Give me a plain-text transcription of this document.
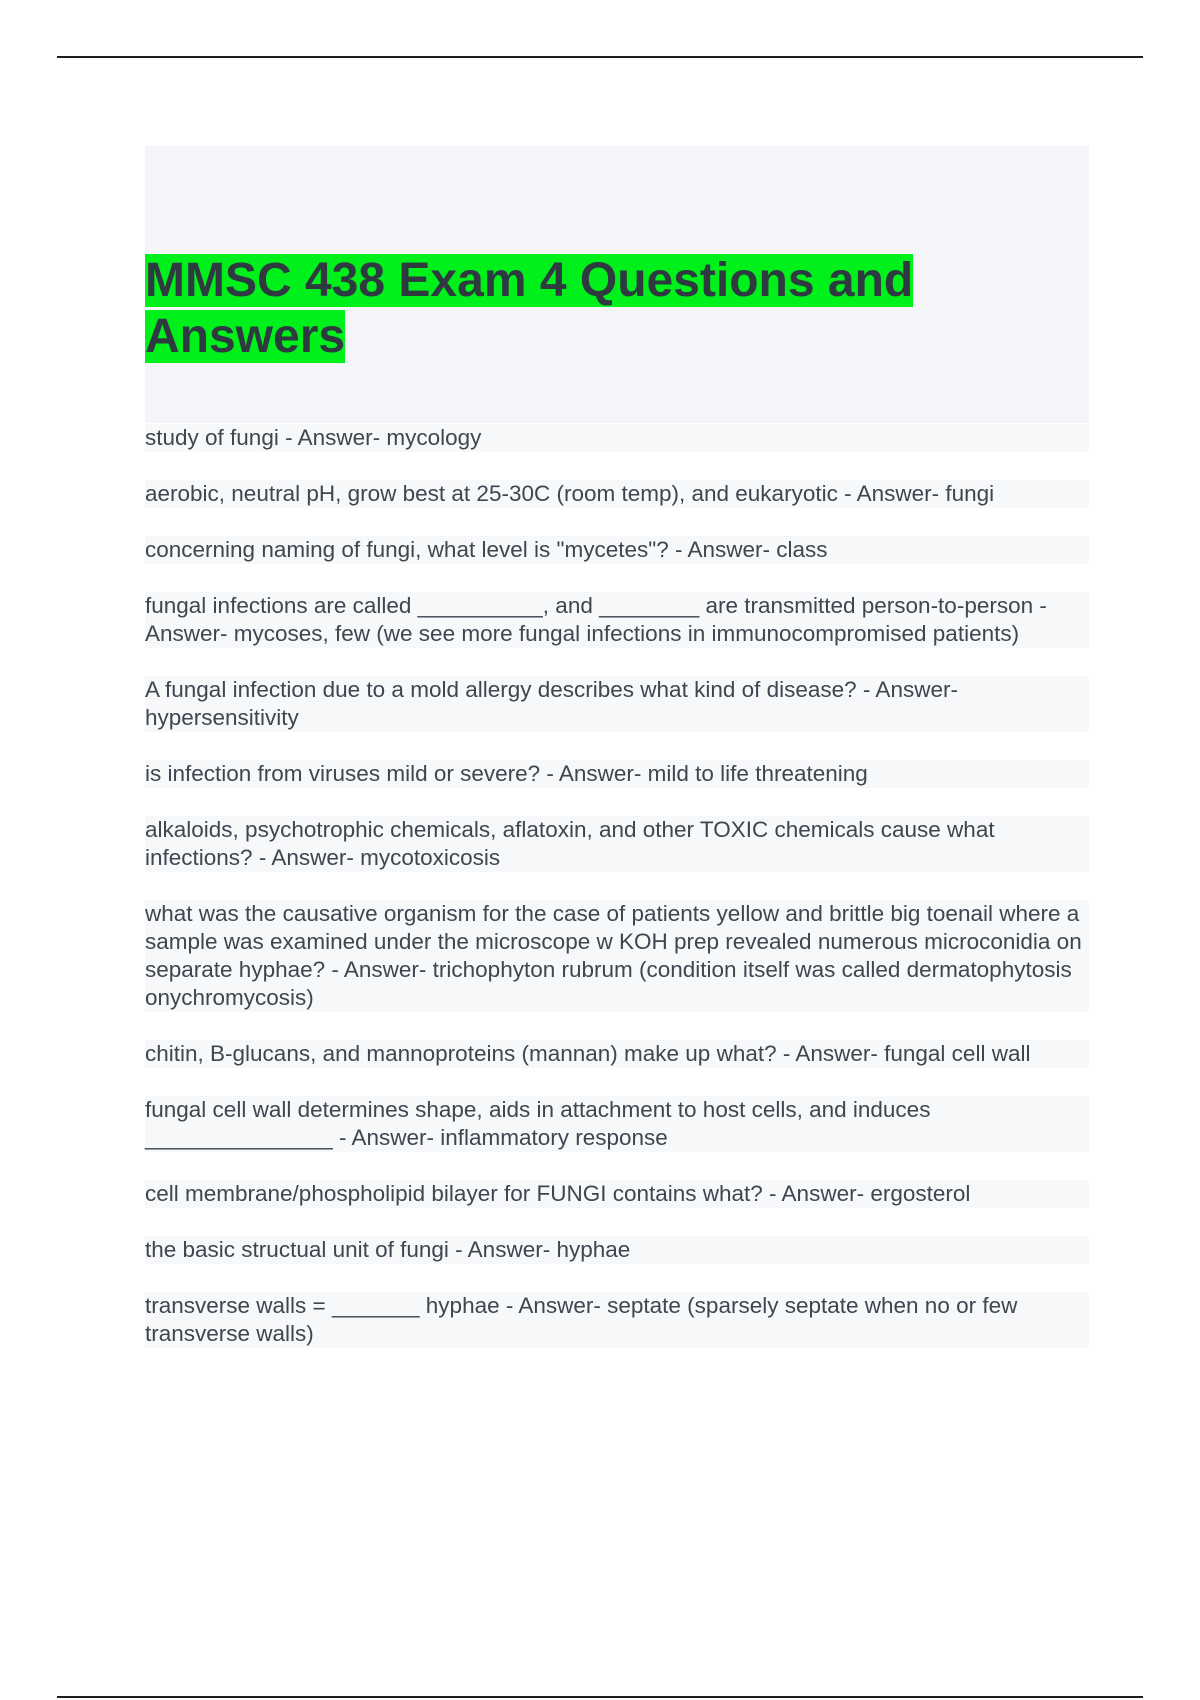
MMSC 438 Exam 4 Questions and Answers
study of fungi - Answer- mycology
aerobic, neutral pH, grow best at 25-30C (room temp), and eukaryotic - Answer- fungi
concerning naming of fungi, what level is "mycetes"? - Answer- class
fungal infections are called __________, and ________ are transmitted person-to-person - Answer- mycoses, few (we see more fungal infections in immunocompromised patients)
A fungal infection due to a mold allergy describes what kind of disease? - Answer- hypersensitivity
is infection from viruses mild or severe? - Answer- mild to life threatening
alkaloids, psychotrophic chemicals, aflatoxin, and other TOXIC chemicals cause what infections? - Answer- mycotoxicosis
what was the causative organism for the case of patients yellow and brittle big toenail where a sample was examined under the microscope w KOH prep revealed numerous microconidia on separate hyphae? - Answer- trichophyton rubrum (condition itself was called dermatophytosis onychromycosis)
chitin, B-glucans, and mannoproteins (mannan) make up what? - Answer- fungal cell wall
fungal cell wall determines shape, aids in attachment to host cells, and induces _______________ - Answer- inflammatory response
cell membrane/phospholipid bilayer for FUNGI contains what? - Answer- ergosterol
the basic structual unit of fungi - Answer- hyphae
transverse walls = _______ hyphae - Answer- septate (sparsely septate when no or few transverse walls)
